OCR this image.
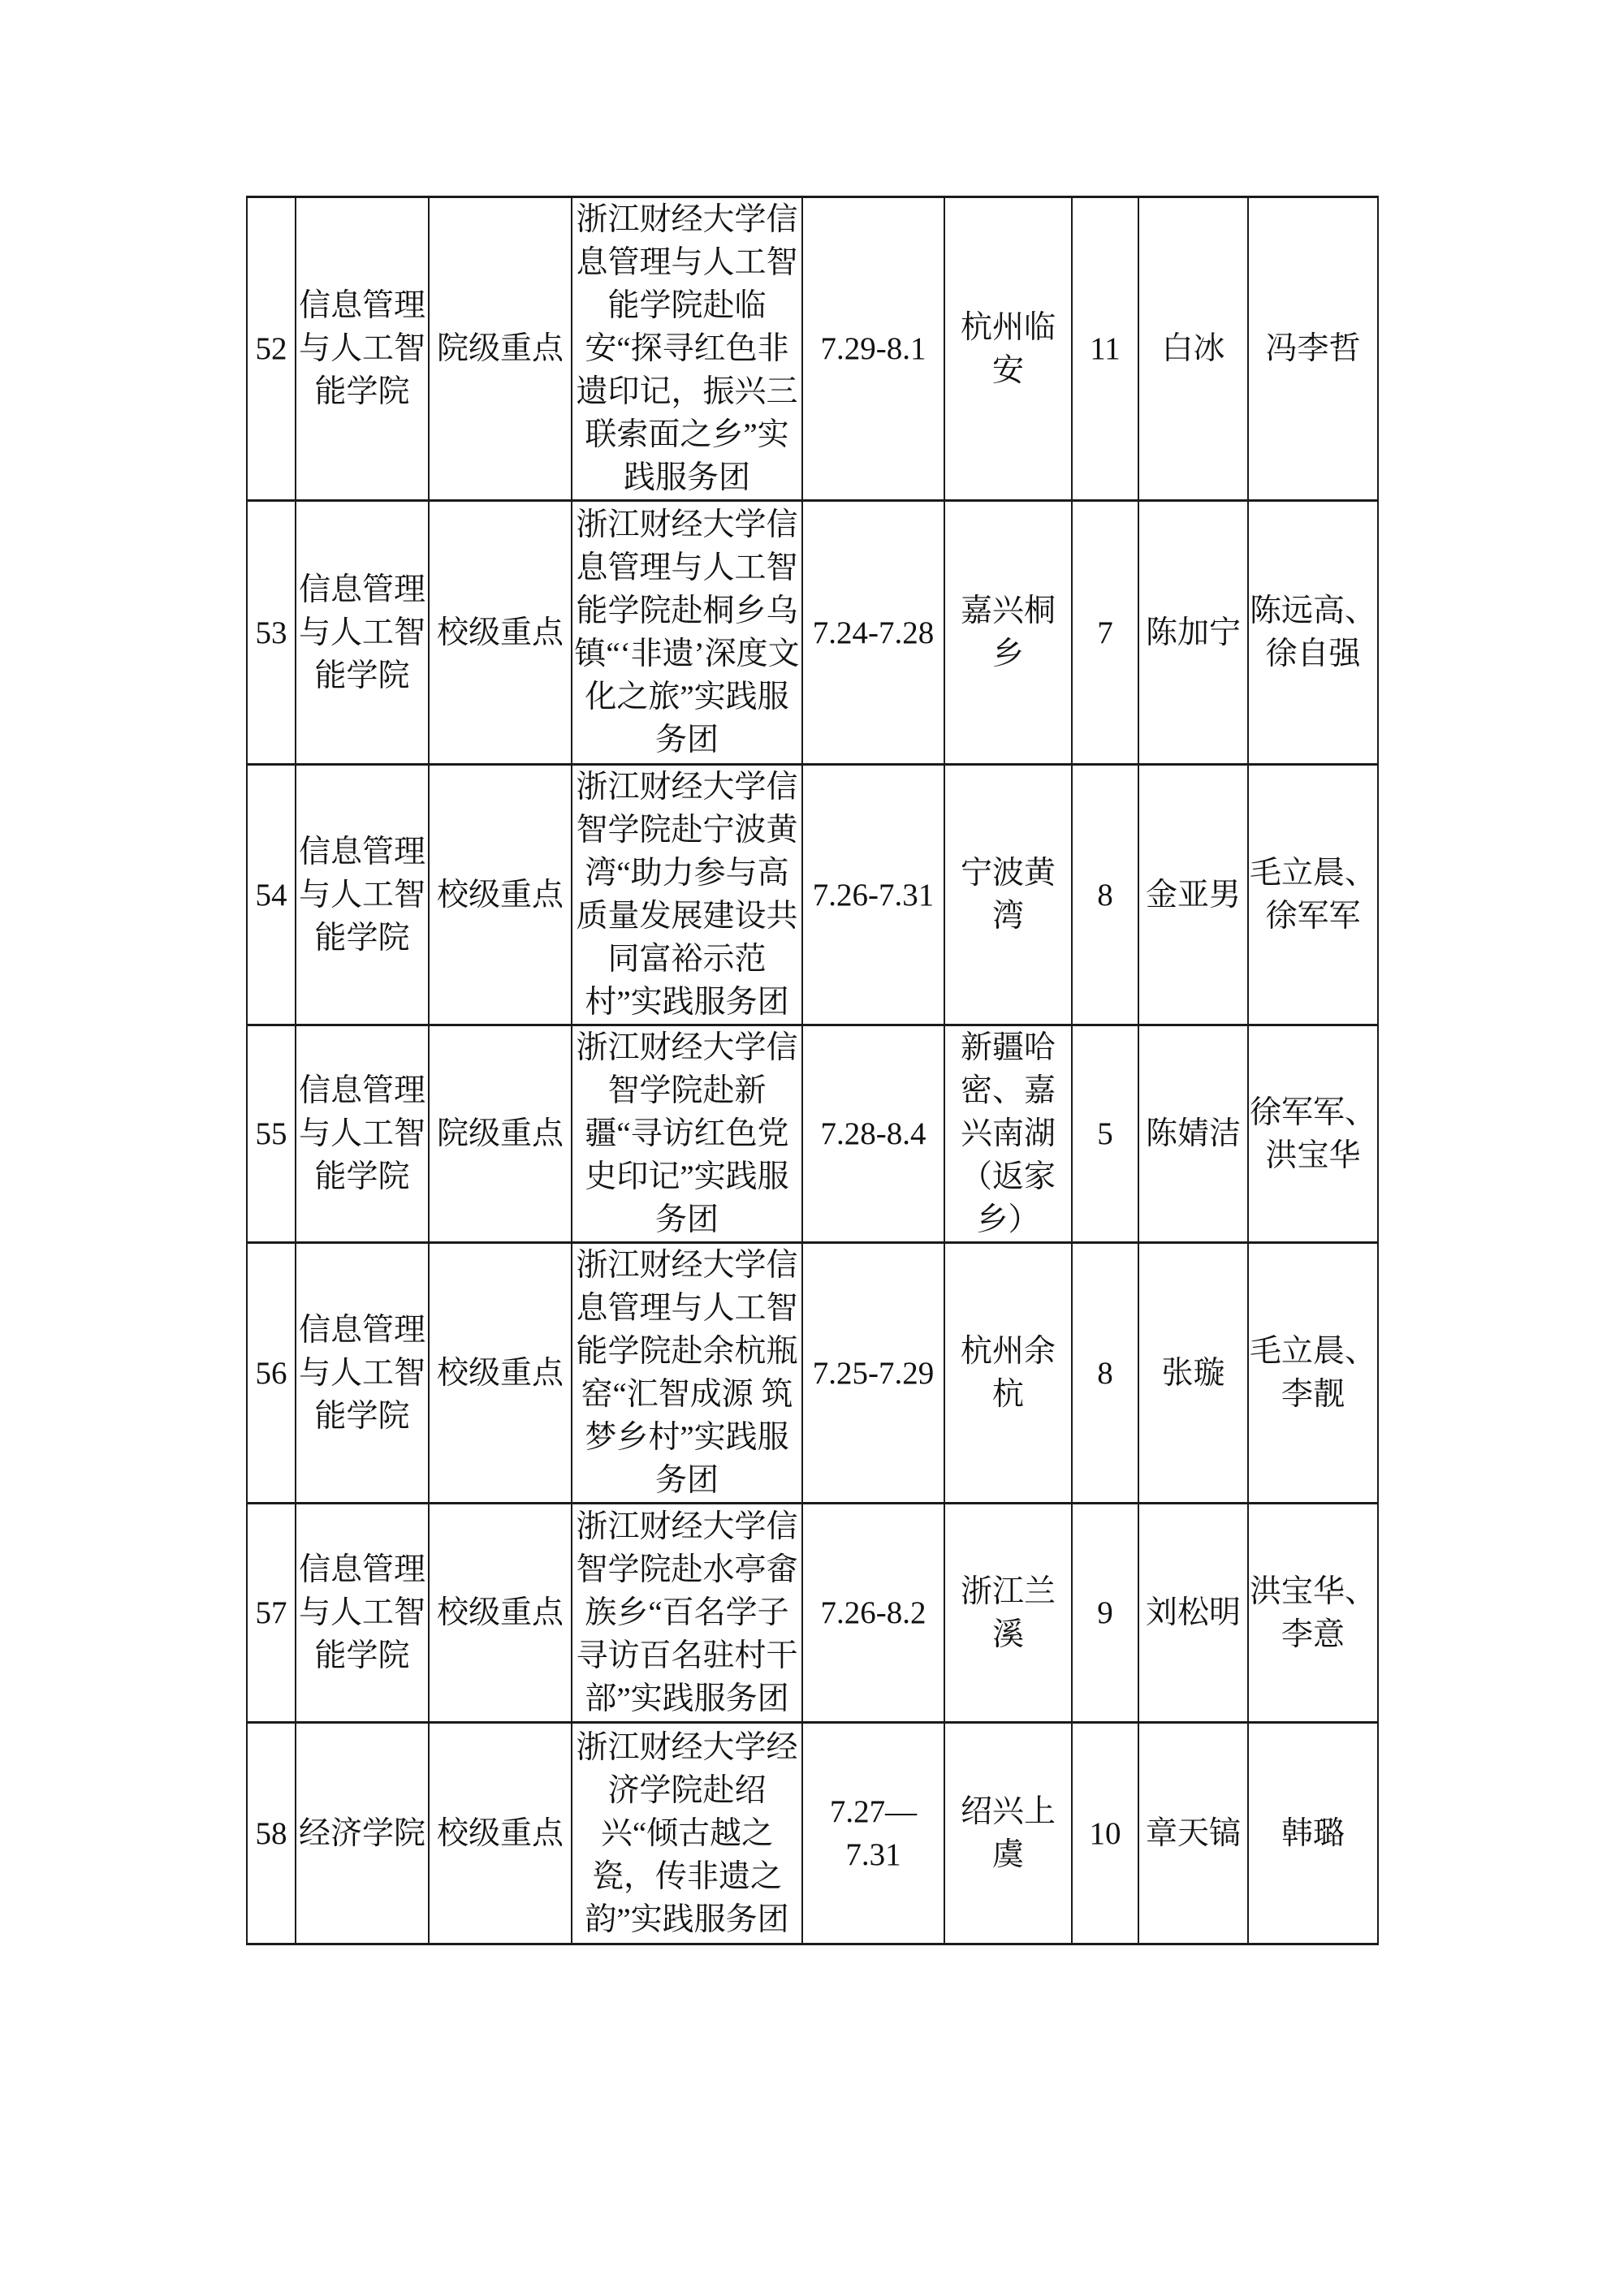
52	信息管理与人工智能学院	院级重点	浙江财经大学信息管理与人工智能学院赴临安“探寻红色非遗印记，振兴三联索面之乡”实践服务团	7.29-8.1	杭州临安	11	白冰	冯李哲
53	信息管理与人工智能学院	校级重点	浙江财经大学信息管理与人工智能学院赴桐乡乌镇“‘非遗’深度文化之旅”实践服务团	7.24-7.28	嘉兴桐乡	7	陈加宁	陈远高、徐自强
54	信息管理与人工智能学院	校级重点	浙江财经大学信智学院赴宁波黄湾“助力参与高质量发展建设共同富裕示范村”实践服务团	7.26-7.31	宁波黄湾	8	金亚男	毛立晨、徐军军
55	信息管理与人工智能学院	院级重点	浙江财经大学信智学院赴新疆“寻访红色党史印记”实践服务团	7.28-8.4	新疆哈密、嘉兴南湖（返家乡）	5	陈婧洁	徐军军、洪宝华
56	信息管理与人工智能学院	校级重点	浙江财经大学信息管理与人工智能学院赴余杭瓶窑“汇智成源 筑梦乡村”实践服务团	7.25-7.29	杭州余杭	8	张璇	毛立晨、李靓
57	信息管理与人工智能学院	校级重点	浙江财经大学信智学院赴水亭畲族乡“百名学子寻访百名驻村干部”实践服务团	7.26-8.2	浙江兰溪	9	刘松明	洪宝华、李意
58	经济学院	校级重点	浙江财经大学经济学院赴绍兴“倾古越之瓷，传非遗之韵”实践服务团	7.27—7.31	绍兴上虞	10	章天镐	韩璐
